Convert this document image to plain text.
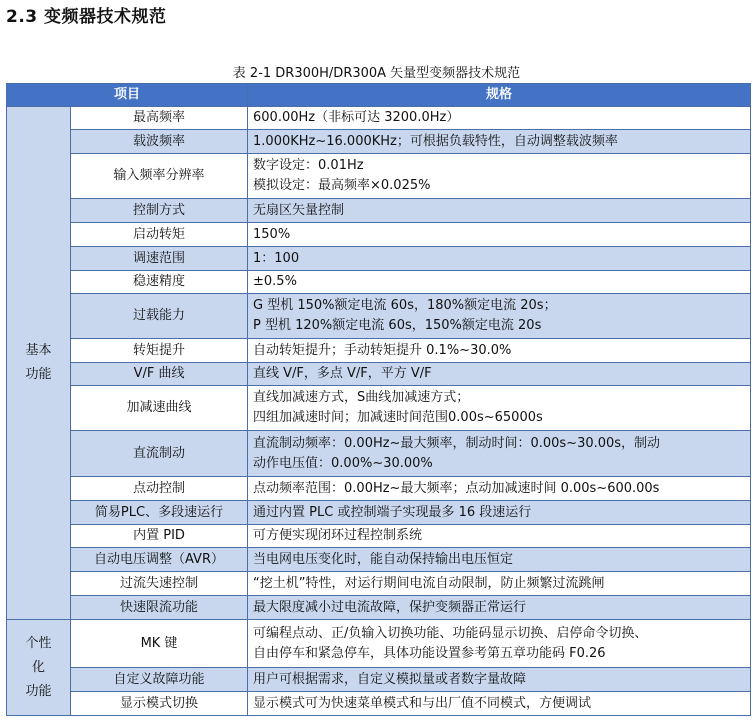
2.3 变频器技术规范
表 2-1 DR300H/DR300A 矢量型变频器技术规范
项目		规格

基本
功能	最高频率	600.00Hz（非标可达 3200.0Hz）

	载波频率	1.000KHz~16.000KHz；可根据负载特性，自动调整载波频率

	输入频率分辨率	数字设定：0.01Hz
模拟设定：最高频率×0.025%

	控制方式	无扇区矢量控制

	启动转矩	150%

	调速范围	1：100

	稳速精度	±0.5%

	过载能力	G 型机 150%额定电流 60s，180%额定电流 20s；
P 型机 120%额定电流 60s，150%额定电流 20s

	转矩提升	自动转矩提升；手动转矩提升 0.1%~30.0%

	V/F 曲线	直线 V/F，多点 V/F，平方 V/F

	加减速曲线	直线加减速方式，S曲线加减速方式；
四组加减速时间；加减速时间范围0.00s~65000s

	直流制动	直流制动频率：0.00Hz~最大频率，制动时间：0.00s~30.00s，制动
动作电压值：0.00%~30.00%

	点动控制	点动频率范围：0.00Hz~最大频率；点动加减速时间 0.00s~600.00s

	简易PLC、多段速运行	通过内置 PLC 或控制端子实现最多 16 段速运行

	内置 PID	可方便实现闭环过程控制系统

	自动电压调整（AVR）	当电网电压变化时，能自动保持输出电压恒定

	过流失速控制	“挖土机”特性，对运行期间电流自动限制，防止频繁过流跳闸

	快速限流功能	最大限度减小过电流故障，保护变频器正常运行

个性
化
功能	MK 键	可编程点动、正/负输入切换功能、功能码显示切换、启停命令切换、
自由停车和紧急停车，具体功能设置参考第五章功能码 F0.26

	自定义故障功能	用户可根据需求，自定义模拟量或者数字量故障

	显示模式切换	显示模式可为快速菜单模式和与出厂值不同模式，方便调试
